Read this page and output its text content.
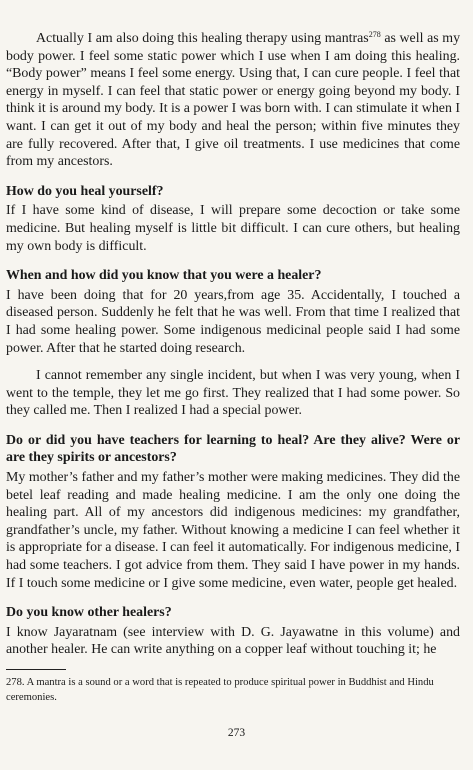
Actually I am also doing this healing therapy using mantras$^{278}$ as well as my body power. I feel some static power which I use when I am doing this healing. “Body power” means I feel some energy. Using that, I can cure people. I feel that energy in myself. I can feel that static power or energy going beyond my body. I think it is around my body. It is a power I was born with. I can stimulate it when I want. I can get it out of my body and heal the person; within five minutes they are fully recovered. After that, I give oil treatments. I use medicines that come from my ancestors.

How do you heal yourself?

If I have some kind of disease, I will prepare some decoction or take some medicine. But healing myself is little bit difficult. I can cure others, but healing my own body is difficult.

When and how did you know that you were a healer?

I have been doing that for 20 years,from age 35. Accidentally, I touched a diseased person. Suddenly he felt that he was well. From that time I realized that I had some healing power. Some indigenous medicinal people said I had some power. After that he started doing research.

I cannot remember any single incident, but when I was very young, when I went to the temple, they let me go first. They realized that I had some power. So they called me. Then I realized I had a special power.

Do or did you have teachers for learning to heal? Are they alive? Were or are they spirits or ancestors?

My mother’s father and my father’s mother were making medicines. They did the betel leaf reading and made healing medicine. I am the only one doing the healing part. All of my ancestors did indigenous medicines: my grandfather, grandfather’s uncle, my father. Without knowing a medicine I can feel whether it is appropriate for a disease. I can feel it automatically. For indigenous medicine, I had some teachers. I got advice from them. They said I have power in my hands. If I touch some medicine or I give some medicine, even water, people get healed.

Do you know other healers?

I know Jayaratnam (see interview with D. G. Jayawatne in this volume) and another healer. He can write anything on a copper leaf without touching it; he

278. A mantra is a sound or a word that is repeated to produce spiritual power in Buddhist and Hindu ceremonies.

273
